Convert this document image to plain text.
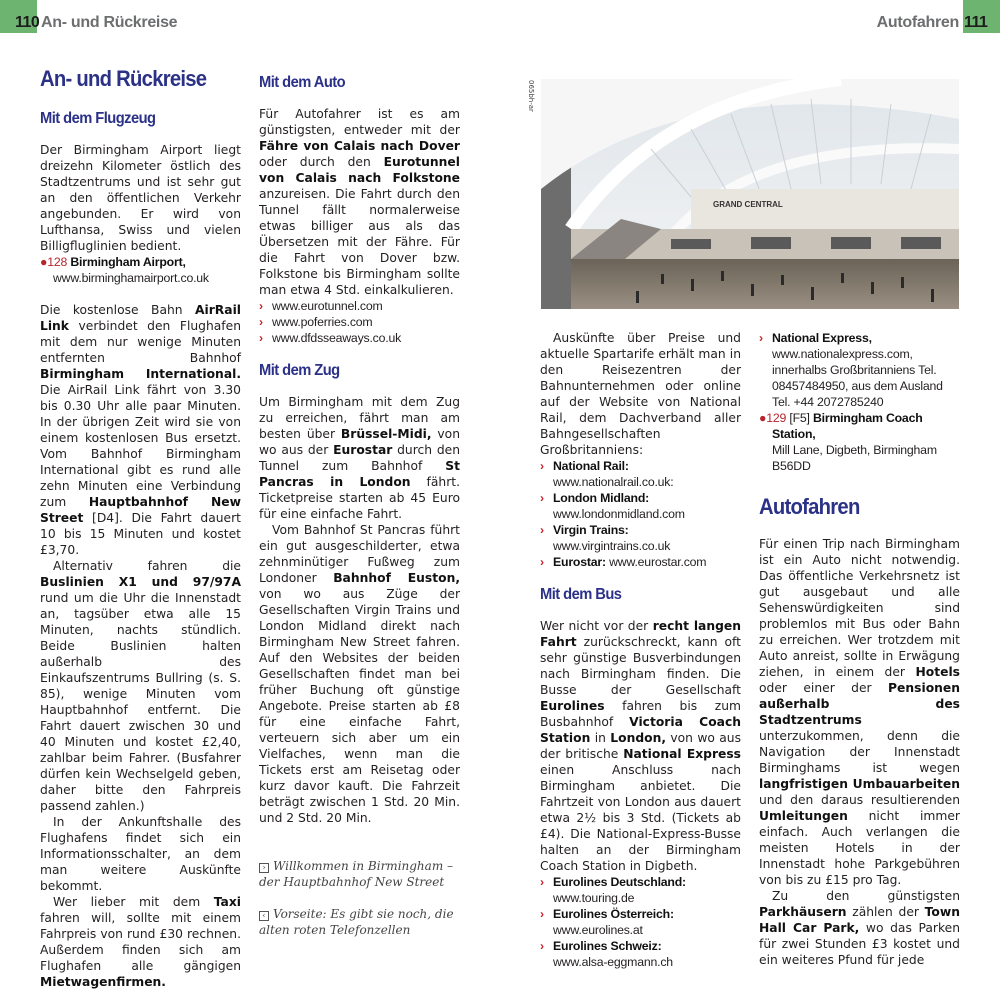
110 An- und Rückreise	111
Autofahren
An- und Rückreise
Mit dem Flugzeug

Der Birmingham Airport liegt dreizehn Kilometer östlich des Stadtzentrums und ist sehr gut an den öffentlichen Verkehr angebunden. Er wird von Lufthansa, Swiss und vielen Billigfluglinien bedient.

●128 Birmingham Airport,
www.birminghamairport.co.uk

Die kostenlose Bahn AirRail Link verbindet den Flughafen mit dem nur wenige Minuten entfernten Bahnhof Birmingham International. Die AirRail Link fährt von 3.30 bis 0.30 Uhr alle paar Minuten. In der übrigen Zeit wird sie von einem kostenlosen Bus ersetzt. Vom Bahnhof Birmingham International gibt es rund alle zehn Minuten eine Verbindung zum Hauptbahnhof New Street [D4]. Die Fahrt dauert 10 bis 15 Minuten und kostet £3,70.

Alternativ fahren die Buslinien X1 und 97/97A rund um die Uhr die Innenstadt an, tagsüber etwa alle 15 Minuten, nachts stündlich. Beide Buslinien halten außerhalb des Einkaufszentrums Bullring (s. S. 85), wenige Minuten vom Hauptbahnhof entfernt. Die Fahrt dauert zwischen 30 und 40 Minuten und kostet £2,40, zahlbar beim Fahrer. (Busfahrer dürfen kein Wechselgeld geben, daher bitte den Fahrpreis passend zahlen.)

In der Ankunftshalle des Flughafens findet sich ein Informationsschalter, an dem man weitere Auskünfte bekommt.

Wer lieber mit dem Taxi fahren will, sollte mit einem Fahrpreis von rund £30 rechnen. Außerdem finden sich am Flughafen alle gängigen Mietwagenfirmen.

Mit dem Auto

Für Autofahrer ist es am günstigsten, entweder mit der Fähre von Calais nach Dover oder durch den Eurotunnel von Calais nach Folkstone anzureisen. Die Fahrt durch den Tunnel fällt normalerweise etwas billiger aus als das Übersetzen mit der Fähre. Für die Fahrt von Dover bzw. Folkstone bis Birmingham sollte man etwa 4 Std. einkalkulieren.

› www.eurotunnel.com
› www.poferries.com
› www.dfdsseaways.co.uk
Mit dem Zug

Um Birmingham mit dem Zug zu erreichen, fährt man am besten über Brüssel-Midi, von wo aus der Eurostar durch den Tunnel zum Bahnhof St Pancras in London fährt. Ticketpreise starten ab 45 Euro für eine einfache Fahrt.

Vom Bahnhof St Pancras führt ein gut ausgeschilderter, etwa zehnminütiger Fußweg zum Londoner Bahnhof Euston, von wo aus Züge der Gesellschaften Virgin Trains und London Midland direkt nach Birmingham New Street fahren. Auf den Websites der beiden Gesellschaften findet man bei früher Buchung oft günstige Angebote. Preise starten ab £8 für eine einfache Fahrt, verteuern sich aber um ein Vielfaches, wenn man die Tickets erst am Reisetag oder kurz davor kauft. Die Fahrzeit beträgt zwischen 1 Std. 20 Min. und 2 Std. 20 Min.

› Willkommen in Birmingham – der Hauptbahnhof New Street
‹ Vorseite: Es gibt sie noch, die alten roten Telefonzellen
065bh-ar
GRAND CENTRAL

Auskünfte über Preise und aktuelle Spartarife erhält man in den Reisezentren der Bahnunternehmen oder online auf der Website von National Rail, dem Dachverband aller Bahngesellschaften Großbritanniens:

› National Rail: www.nationalrail.co.uk:
› London Midland:
www.londonmidland.com
› Virgin Trains: www.virgintrains.co.uk
› Eurostar: www.eurostar.com
Mit dem Bus

Wer nicht vor der recht langen Fahrt zurückschreckt, kann oft sehr günstige Busverbindungen nach Birmingham finden. Die Busse der Gesellschaft Eurolines fahren bis zum Busbahnhof Victoria Coach Station in London, von wo aus der britische National Express einen Anschluss nach Birmingham anbietet. Die Fahrtzeit von London aus dauert etwa 2½ bis 3 Std. (Tickets ab £4). Die National-Express-Busse halten an der Birmingham Coach Station in Digbeth.

› Eurolines Deutschland: www.touring.de
› Eurolines Österreich: www.eurolines.at
› Eurolines Schweiz:
www.alsa-eggmann.ch
› National Express, www.nationalexpress.com, innerhalbs Großbritanniens Tel. 08457484950, aus dem Ausland Tel. +44 2072785240
●129 [F5] Birmingham Coach Station,
Mill Lane, Digbeth, Birmingham B56DD
Autofahren

Für einen Trip nach Birmingham ist ein Auto nicht notwendig. Das öffentliche Verkehrsnetz ist gut ausgebaut und alle Sehenswürdigkeiten sind problemlos mit Bus oder Bahn zu erreichen. Wer trotzdem mit Auto anreist, sollte in Erwägung ziehen, in einem der Hotels oder einer der Pensionen außerhalb des Stadtzentrums unterzukommen, denn die Navigation der Innenstadt Birminghams ist wegen langfristigen Umbauarbeiten und den daraus resultierenden Umleitungen nicht immer einfach. Auch verlangen die meisten Hotels in der Innenstadt hohe Parkgebühren von bis zu £15 pro Tag.

Zu den günstigsten Parkhäusern zählen der Town Hall Car Park, wo das Parken für zwei Stunden £3 kostet und ein weiteres Pfund für jede
